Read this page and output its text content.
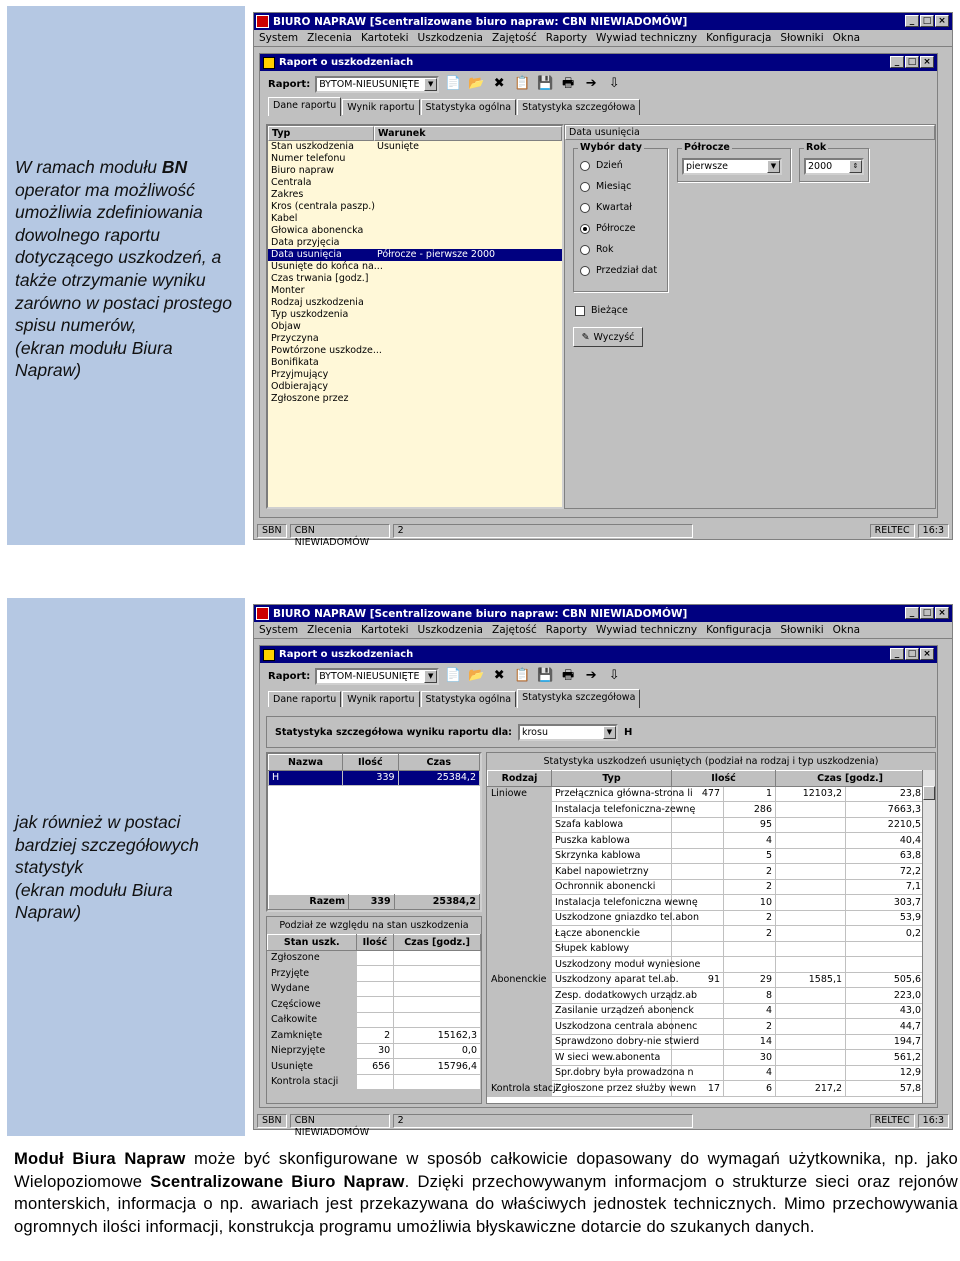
W ramach modułu BN operator ma możliwość umożliwia zdefiniowania dowolnego raportu dotyczącego uszkodzeń, a także otrzymanie wyniku zarówno w postaci prostego spisu numerów,
(ekran modułu Biura Napraw)

jak również w postaci bardziej szczegółowych statystyk
(ekran modułu Biura Napraw)

BIURO NAPRAW [Scentralizowane biuro napraw: CBN NIEWIADOMÓW]	_ □ ×
System Zlecenia Kartoteki Uszkodzenia Zajętość Raporty Wywiad techniczny Konfiguracja Słowniki Okna
Raport o uszkodzeniach	_ □ ×
Raport: BYTOM-NIEUSUNIĘTE	▼ 📄 📂 ✖ 📋 💾 🖶 ➔ ⇩
Dane raportu	Wynik raportu	Statystyka ogólna	Statystyka szczegółowa
Typ	Warunek
Stan uszkodzenia	Usunięte
Numer telefonu
Biuro napraw
Centrala
Zakres
Kros (centrala paszp.)
Kabel
Głowica abonencka
Data przyjęcia
Data usunięcia	Półrocze - pierwsze 2000
Usunięte do końca na...
Czas trwania [godz.]
Monter
Rodzaj uszkodzenia
Typ uszkodzenia
Objaw
Przyczyna
Powtórzone uszkodze...
Bonifikata
Przyjmujący
Odbierający
Zgłoszone przez
Data usunięcia
Wybór daty
Dzień
Miesiąc
Kwartał
Półrocze
Rok
Przedział dat
Półrocze
pierwsze	▼
Rok
2000	⇕
Bieżące
✎ Wyczyść
SBN	CBN NIEWIADOMÓW
2	RELTEC	16:3
BIURO NAPRAW [Scentralizowane biuro napraw: CBN NIEWIADOMÓW]	_ □ ×
System Zlecenia Kartoteki Uszkodzenia Zajętość Raporty Wywiad techniczny Konfiguracja Słowniki Okna
Raport o uszkodzeniach	_ □ ×
Raport: BYTOM-NIEUSUNIĘTE	▼ 📄 📂 ✖ 📋 💾 🖶 ➔ ⇩
Dane raportu	Wynik raportu	Statystyka ogólna	Statystyka szczegółowa
Statystyka szczegółowa wyniku raportu dla: krosu	▼	H
Nazwa	Ilość	Czas
H	339	25384,2
Razem	339	25384,2
Podział ze względu na stan uszkodzenia
Stan uszk.	Ilość	Czas [godz.]
Zgłoszone		
Przyjęte		
Wydane		
Częściowe		
Całkowite		
Zamknięte	2	15162,3
Nieprzyjęte	30	0,0
Usunięte	656	15796,4
Kontrola stacji		
Statystyka uszkodzeń usuniętych (podział na rodzaj i typ uszkodzenia)
Rodzaj	Typ	Ilość		Czas [godz.]	
Liniowe	Przełącznica główna-strona li	477	1	12103,2	23,8
	Instalacja telefoniczna-zewnę		286		7663,3
	Szafa kablowa		95		2210,5
	Puszka kablowa		4		40,4
	Skrzynka kablowa		5		63,8
	Kabel napowietrzny		2		72,2
	Ochronnik abonencki		2		7,1
	Instalacja telefoniczna wewnę		10		303,7
	Uszkodzone gniazdko tel.abon		2		53,9
	Łącze abonenckie		2		0,2
	Słupek kablowy				
	Uszkodzony moduł wyniesione				
Abonenckie	Uszkodzony aparat tel.ab.	91	29	1585,1	505,6
	Zesp. dodatkowych urządz.ab		8		223,0
	Zasilanie urządzeń abonenck		4		43,0
	Uszkodzona centrala abonenc		2		44,7
	Sprawdzono dobry-nie stwierd		14		194,7
	W sieci wew.abonenta		30		561,2
	Spr.dobry była prowadzona n		4		12,9
Kontrola stacji	Zgłoszone przez służby wewn	17	6	217,2	57,8
SBN	CBN NIEWIADOMÓW
2	RELTEC	16:3
Moduł Biura Napraw może być skonfigurowane w sposób całkowicie dopasowany do wymagań użytkownika, np. jako Wielopoziomowe Scentralizowane Biuro Napraw. Dzięki przechowywanym informacjom o strukturze sieci oraz rejonów monterskich, informacja o np. awariach jest przekazywana do właściwych jednostek technicznych. Mimo przechowywania ogromnych ilości informacji, konstrukcja programu umożliwia błyskawiczne dotarcie do szukanych danych.
